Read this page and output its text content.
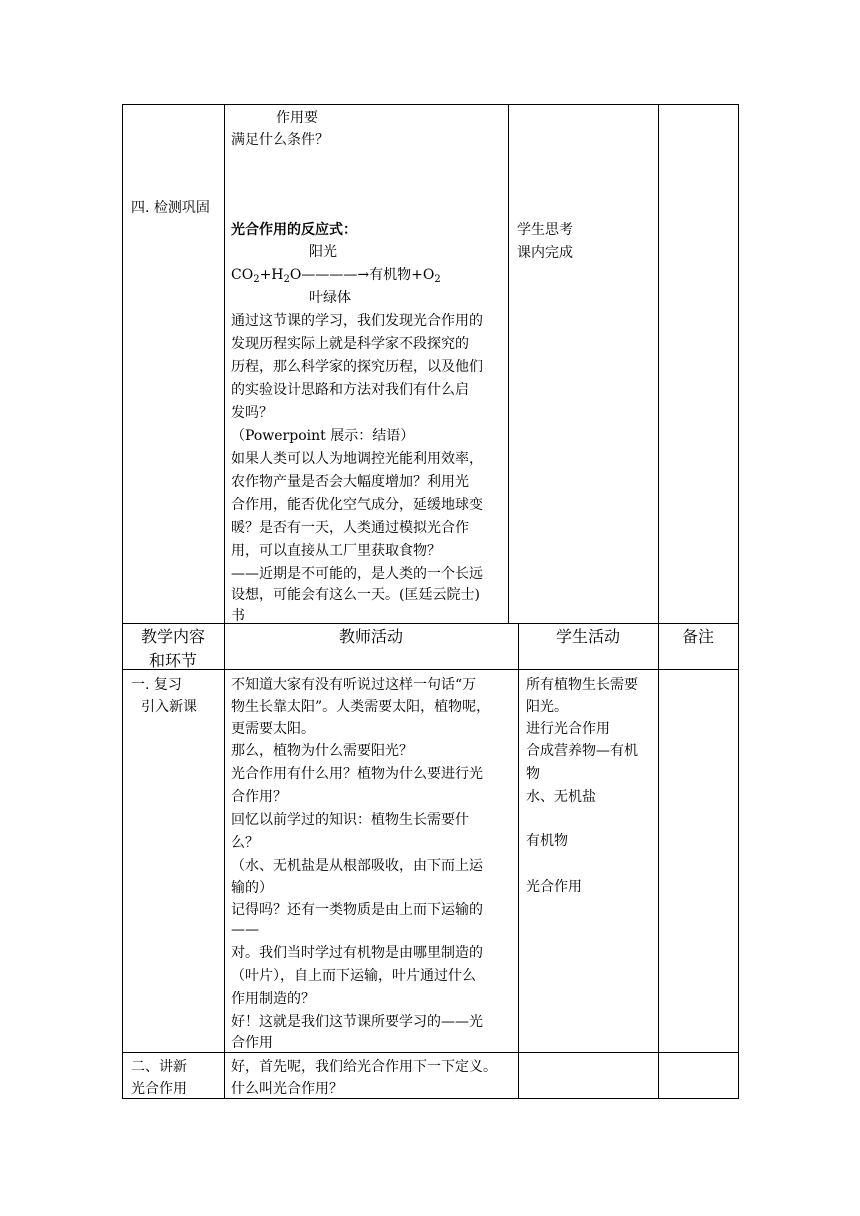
四. 检测巩固
作用要
满足什么条件？
光合作用的反应式：
阳光
$CO_2+H_2O————\to$有机物$+O_2$
叶绿体
通过这节课的学习，我们发现光合作用的
发现历程实际上就是科学家不段探究的
历程，那么科学家的探究历程，以及他们
的实验设计思路和方法对我们有什么启
发吗？
（Powerpoint 展示：结语）
如果人类可以人为地调控光能利用效率，
农作物产量是否会大幅度增加？利用光
合作用，能否优化空气成分，延缓地球变
暖？是否有一天，人类通过模拟光合作
用，可以直接从工厂里获取食物？
——近期是不可能的，是人类的一个长远
设想，可能会有这么一天。(匡廷云院士)
书
学生思考
课内完成
教学内容
和环节
教师活动	学生活动	备注
一. 复习
引入新课
不知道大家有没有听说过这样一句话“万
物生长靠太阳”。人类需要太阳，植物呢，
更需要太阳。
那么，植物为什么需要阳光？
光合作用有什么用？植物为什么要进行光
合作用？
回忆以前学过的知识：植物生长需要什
么？
（水、无机盐是从根部吸收，由下而上运
输的）
记得吗？还有一类物质是由上而下运输的
——
对。我们当时学过有机物是由哪里制造的
（叶片），自上而下运输，叶片通过什么
作用制造的？
好！这就是我们这节课所要学习的——光
合作用
所有植物生长需要
阳光。
进行光合作用
合成营养物—有机
物
水、无机盐
有机物
光合作用
二、讲新
光合作用
好，首先呢，我们给光合作用下一下定义。
什么叫光合作用？
